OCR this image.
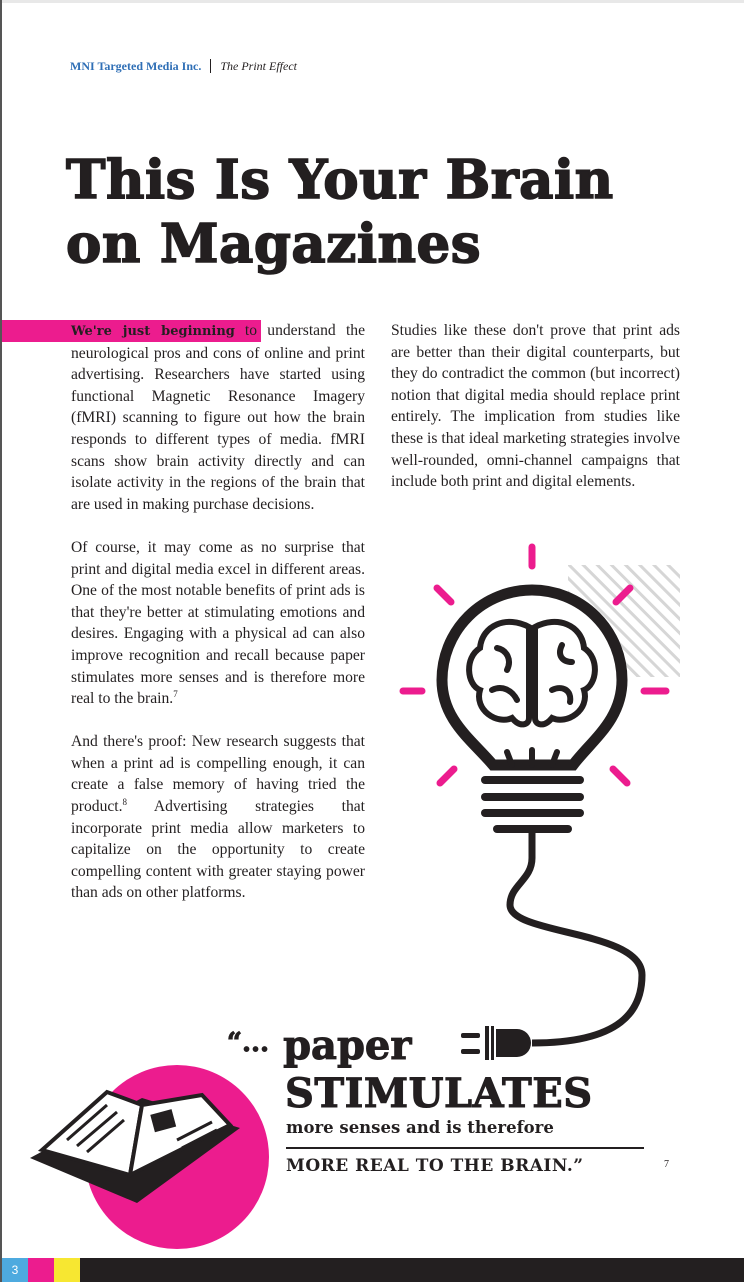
MNI Targeted Media Inc. The Print Effect
This Is Your Brain
on Magazines

We're just beginning to understand the neurological pros and cons of online and print advertising. Researchers have started using functional Magnetic Resonance Imagery (fMRI) scanning to figure out how the brain responds to different types of media. fMRI scans show brain activity directly and can isolate activity in the regions of the brain that are used in making purchase decisions.

Of course, it may come as no surprise that print and digital media excel in different areas. One of the most notable benefits of print ads is that they're better at stimulating emotions and desires. Engaging with a physical ad can also improve recognition and recall because paper stimulates more senses and is therefore more real to the brain.$^7$

And there's proof: New research suggests that when a print ad is compelling enough, it can create a false memory of having tried the product.$^8$ Advertising strategies that incorporate print media allow marketers to capitalize on the opportunity to create compelling content with greater staying power than ads on other platforms.

Studies like these don't prove that print ads are better than their digital counterparts, but they do contradict the common (but incorrect) notion that digital media should replace print entirely. The implication from studies like these is that ideal marketing strategies involve well-rounded, omni-channel campaigns that include both print and digital elements.

“... paper
STIMULATES
more senses and is therefore
MORE REAL TO THE BRAIN.”	7
3
